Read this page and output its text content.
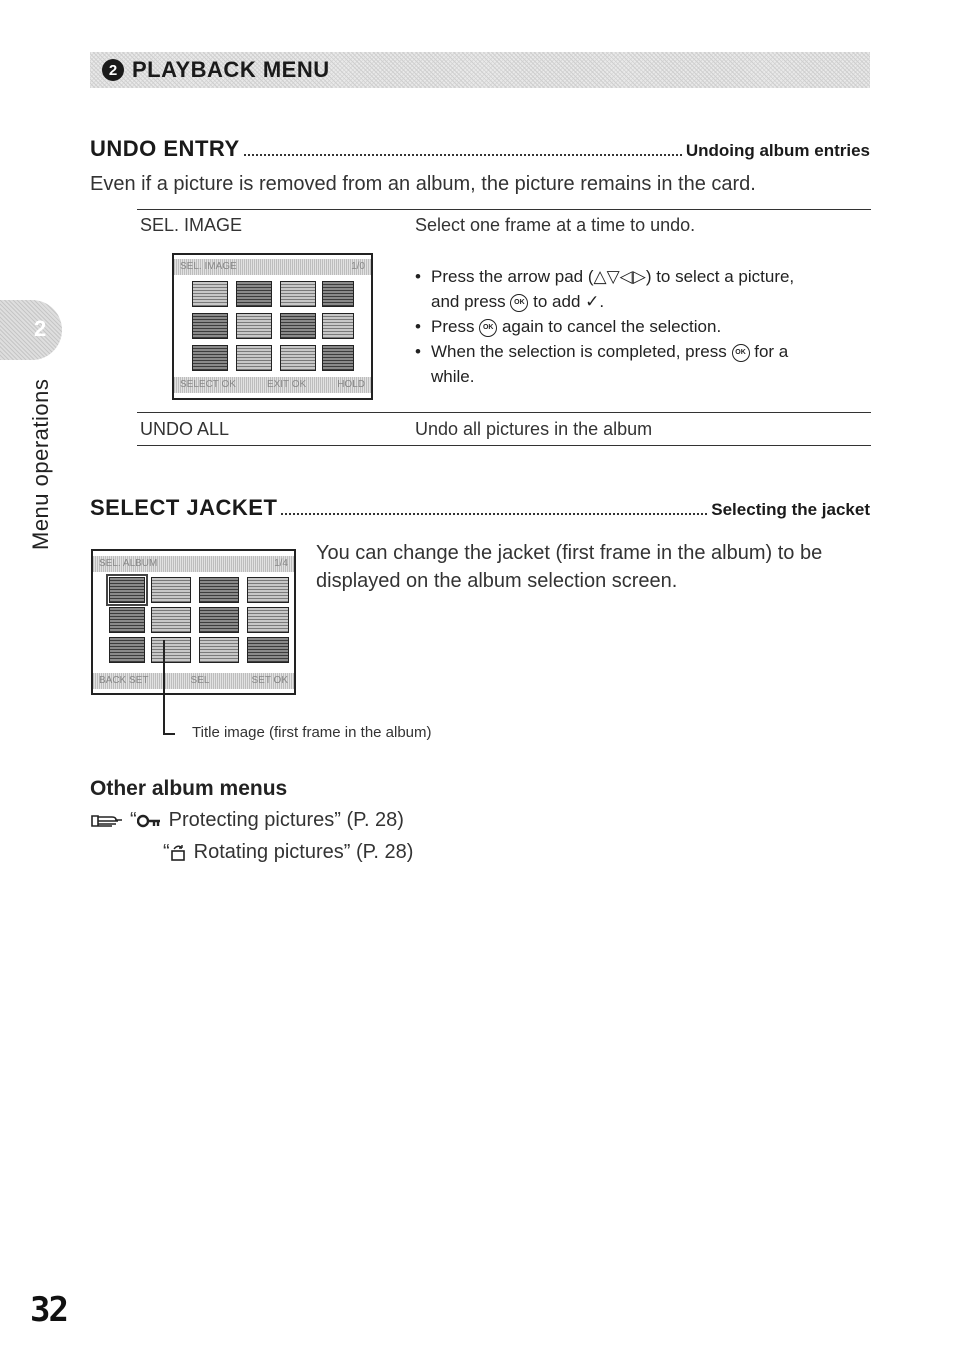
2 PLAYBACK MENU
2
Menu operations
UNDO ENTRY	Undoing album entries
Even if a picture is removed from an album, the picture remains in the card.
SEL. IMAGE	Select one frame at a time to undo.
SEL. IMAGE	1/0
SELECT OK	EXIT OK	HOLD
• Press the arrow pad (△▽◁▷) to select a picture,
and press OK to add ✓.
• Press OK again to cancel the selection.
• When the selection is completed, press OK for a
while.
UNDO ALL	Undo all pictures in the album
SELECT JACKET	Selecting the jacket
SEL. ALBUM	1/4
BACK SET	SEL	SET OK
You can change the jacket (first frame in the album) to be
displayed on the album selection screen.
Title image (first frame in the album)
Other album menus
“ Protecting pictures” (P. 28)
“ Rotating pictures” (P. 28)
32
